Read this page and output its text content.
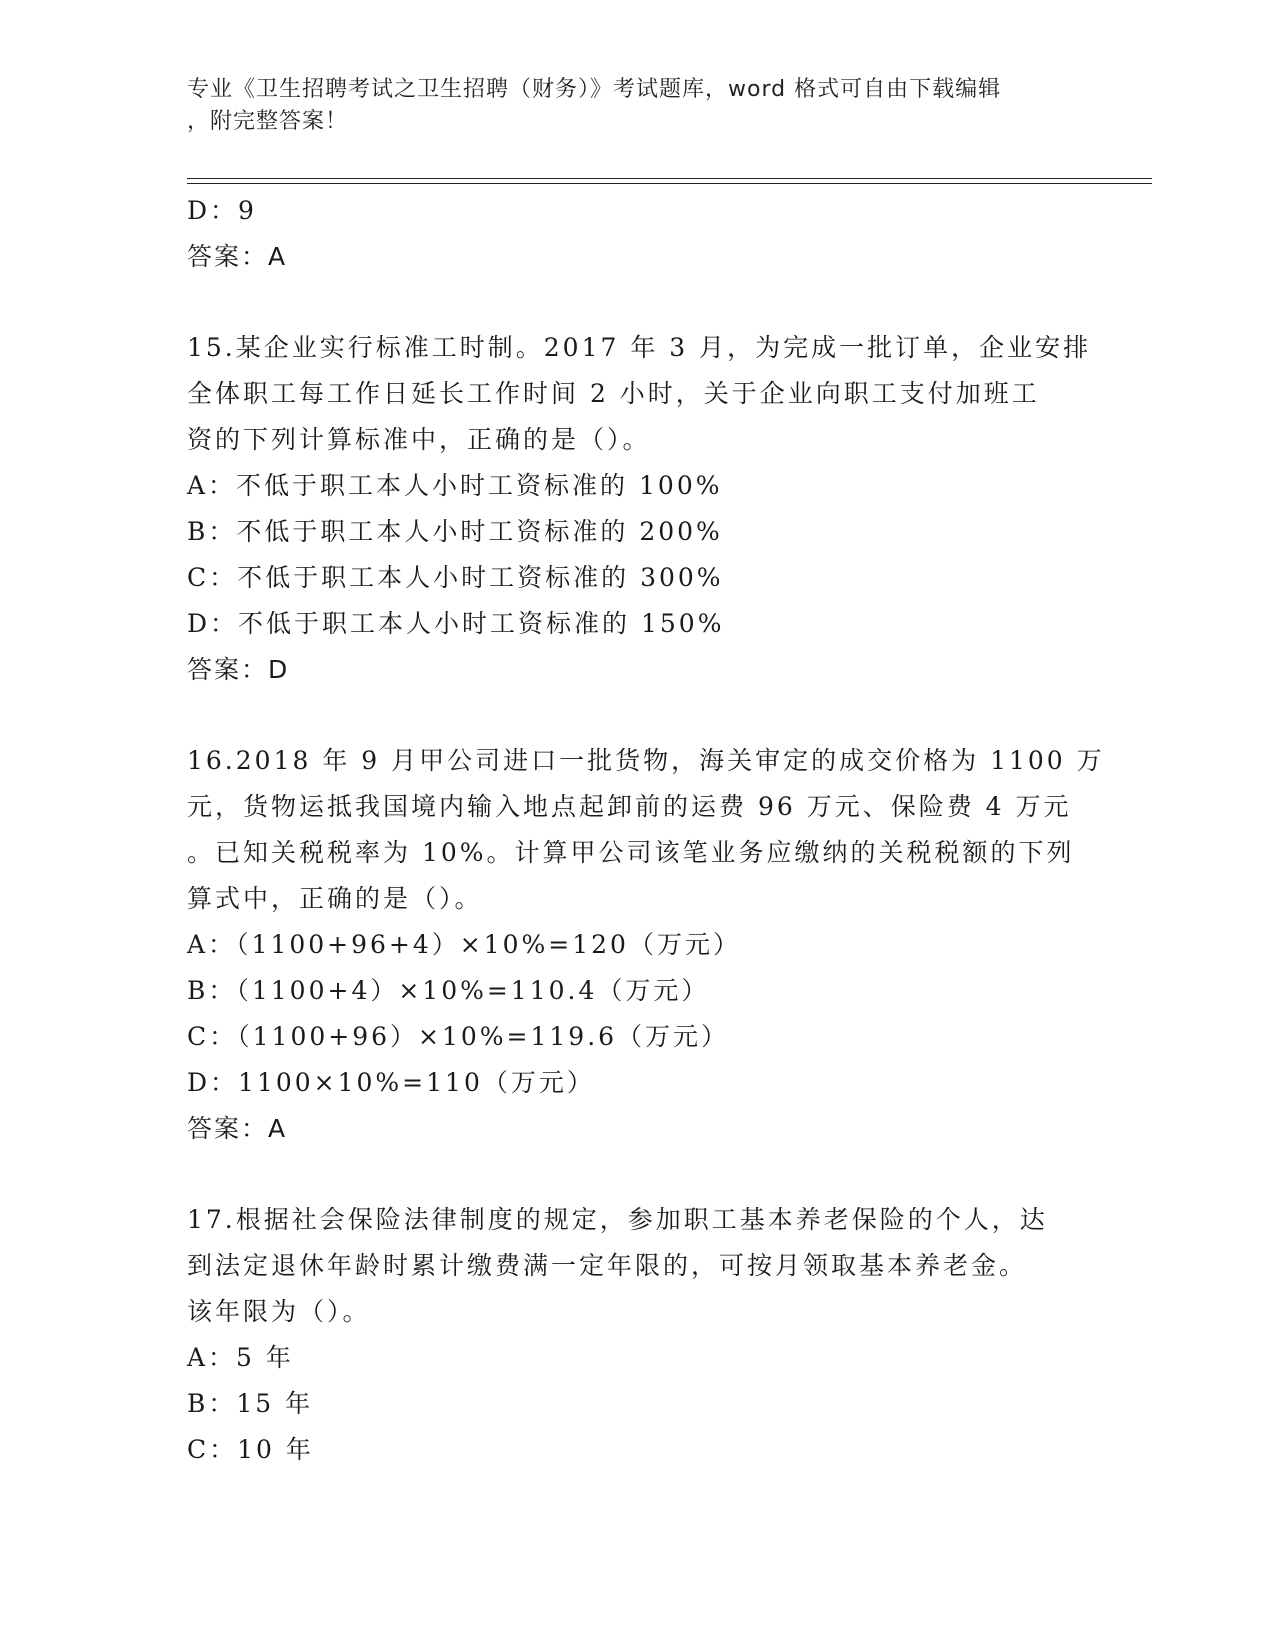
专业《卫生招聘考试之卫生招聘（财务）》考试题库，word 格式可自由下载编辑
，附完整答案！
D：9
答案：A
15.某企业实行标准工时制。2017 年 3 月，为完成一批订单，企业安排
全体职工每工作日延长工作时间 2 小时，关于企业向职工支付加班工
资的下列计算标准中，正确的是（）。
A：不低于职工本人小时工资标准的 100%
B：不低于职工本人小时工资标准的 200%
C：不低于职工本人小时工资标准的 300%
D：不低于职工本人小时工资标准的 150%
答案：D
16.2018 年 9 月甲公司进口一批货物，海关审定的成交价格为 1100 万
元，货物运抵我国境内输入地点起卸前的运费 96 万元、保险费 4 万元
。已知关税税率为 10%。计算甲公司该笔业务应缴纳的关税税额的下列
算式中，正确的是（）。
A：（1100+96+4）×10%=120（万元）
B：（1100+4）×10%=110.4（万元）
C：（1100+96）×10%=119.6（万元）
D：1100×10%=110（万元）
答案：A
17.根据社会保险法律制度的规定，参加职工基本养老保险的个人，达
到法定退休年龄时累计缴费满一定年限的，可按月领取基本养老金。
该年限为（）。
A：5 年
B：15 年
C：10 年
